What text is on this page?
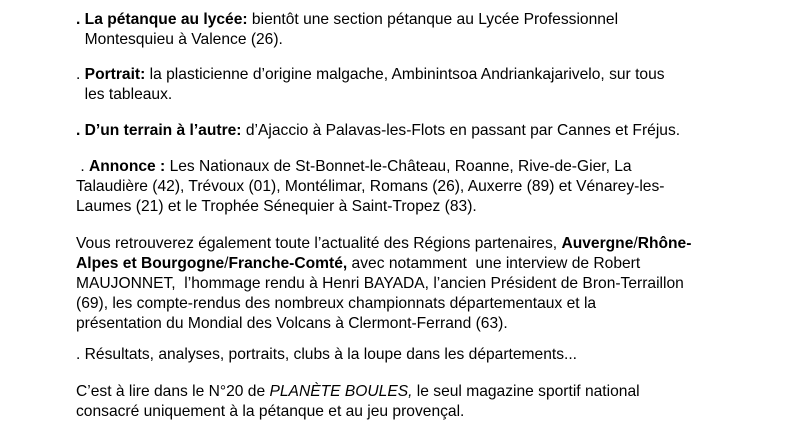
. La pétanque au lycée: bientôt une section pétanque au Lycée Professionnel
Montesquieu à Valence (26).
. Portrait: la plasticienne d’origine malgache, Ambinintsoa Andriankajarivelo, sur tous
les tableaux.
. D’un terrain à l’autre: d’Ajaccio à Palavas-les-Flots en passant par Cannes et Fréjus.
. Annonce : Les Nationaux de St-Bonnet-le-Château, Roanne, Rive-de-Gier, La
Talaudière (42), Trévoux (01), Montélimar, Romans (26), Auxerre (89) et Vénarey-les-
Laumes (21) et le Trophée Sénequier à Saint-Tropez (83).
Vous retrouverez également toute l’actualité des Régions partenaires, Auvergne/Rhône-
Alpes et Bourgogne/Franche-Comté, avec notamment  une interview de Robert
MAUJONNET,  l’hommage rendu à Henri BAYADA, l’ancien Président de Bron-Terraillon
(69), les compte-rendus des nombreux championnats départementaux et la
présentation du Mondial des Volcans à Clermont-Ferrand (63).
. Résultats, analyses, portraits, clubs à la loupe dans les départements...
C’est à lire dans le N°20 de PLANÈTE BOULES, le seul magazine sportif national
consacré uniquement à la pétanque et au jeu provençal.
